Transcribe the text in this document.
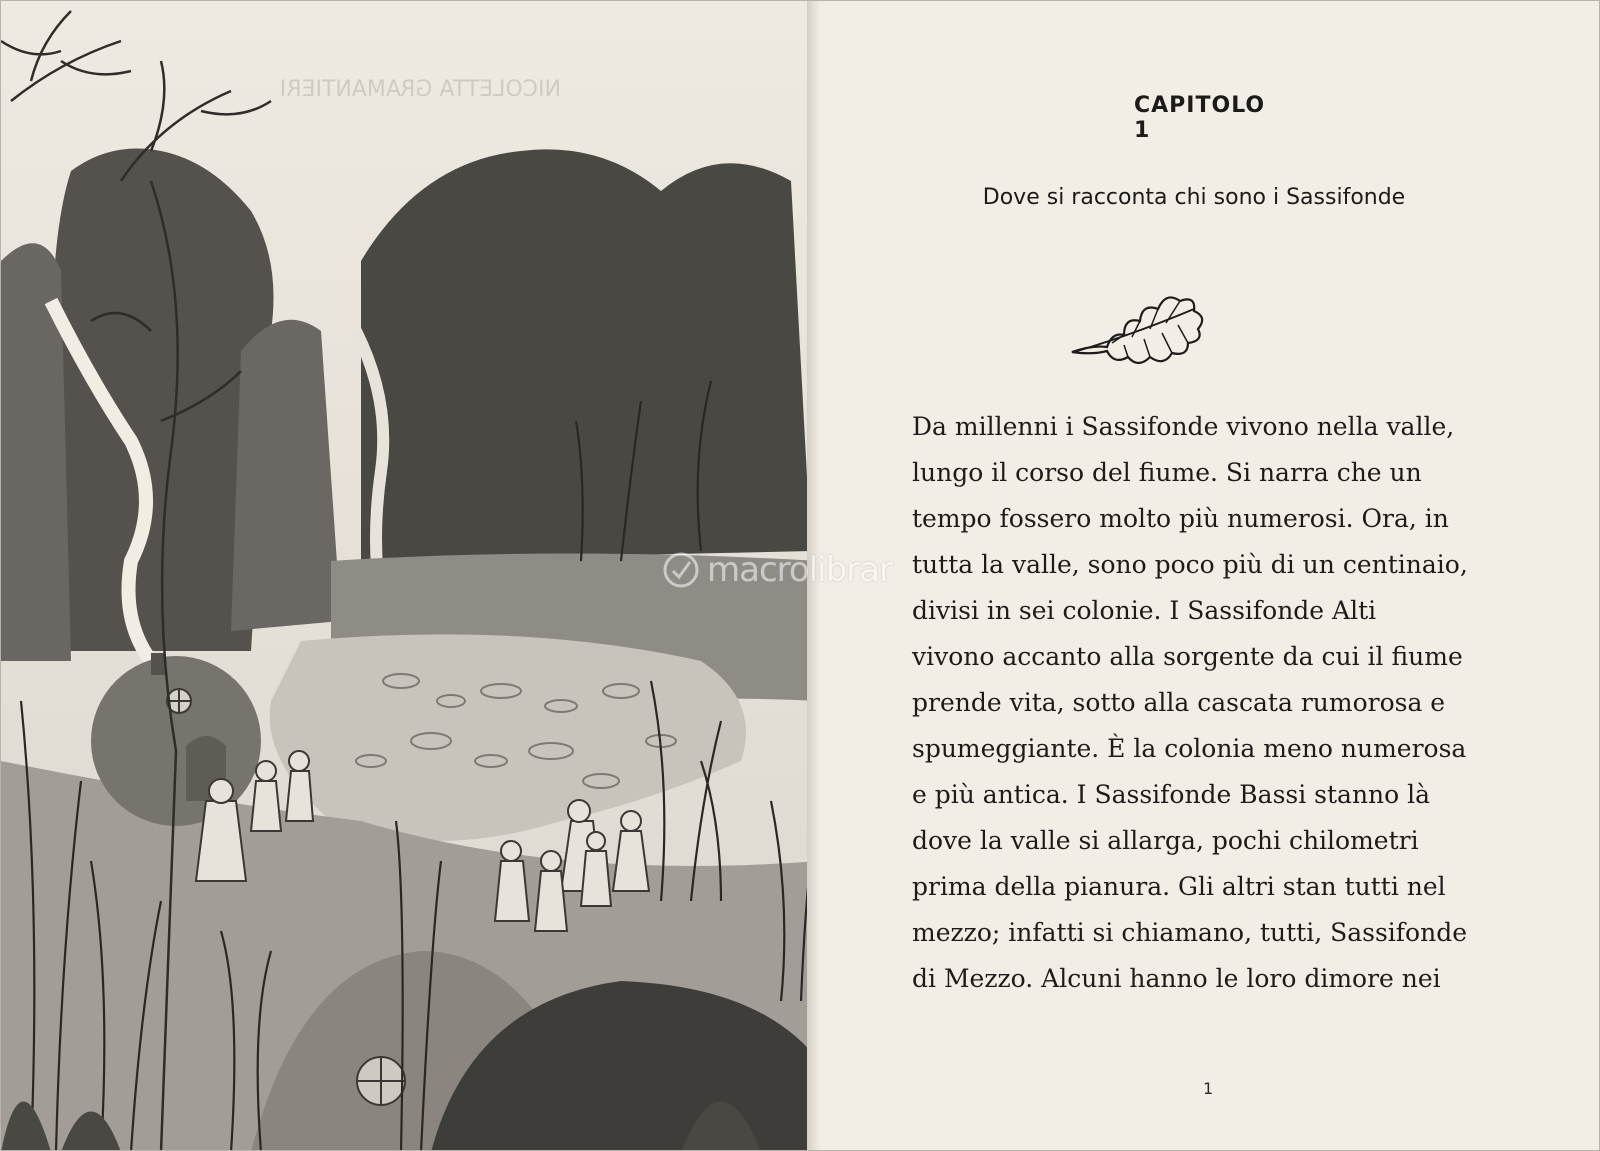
NICOLETTA GRAMANTIERI
CAPITOLO 1
Dove si racconta chi sono i Sassifonde
Da millenni i Sassifonde vivono nella valle,
lungo il corso del fiume. Si narra che un
tempo fossero molto più numerosi. Ora, in
tutta la valle, sono poco più di un centinaio,
divisi in sei colonie. I Sassifonde Alti
vivono accanto alla sorgente da cui il fiume
prende vita, sotto alla cascata rumorosa e
spumeggiante. È la colonia meno numerosa
e più antica. I Sassifonde Bassi stanno là
dove la valle si allarga, pochi chilometri
prima della pianura. Gli altri stan tutti nel
mezzo; infatti si chiamano, tutti, Sassifonde
di Mezzo. Alcuni hanno le loro dimore nei
1
macrolibrar
